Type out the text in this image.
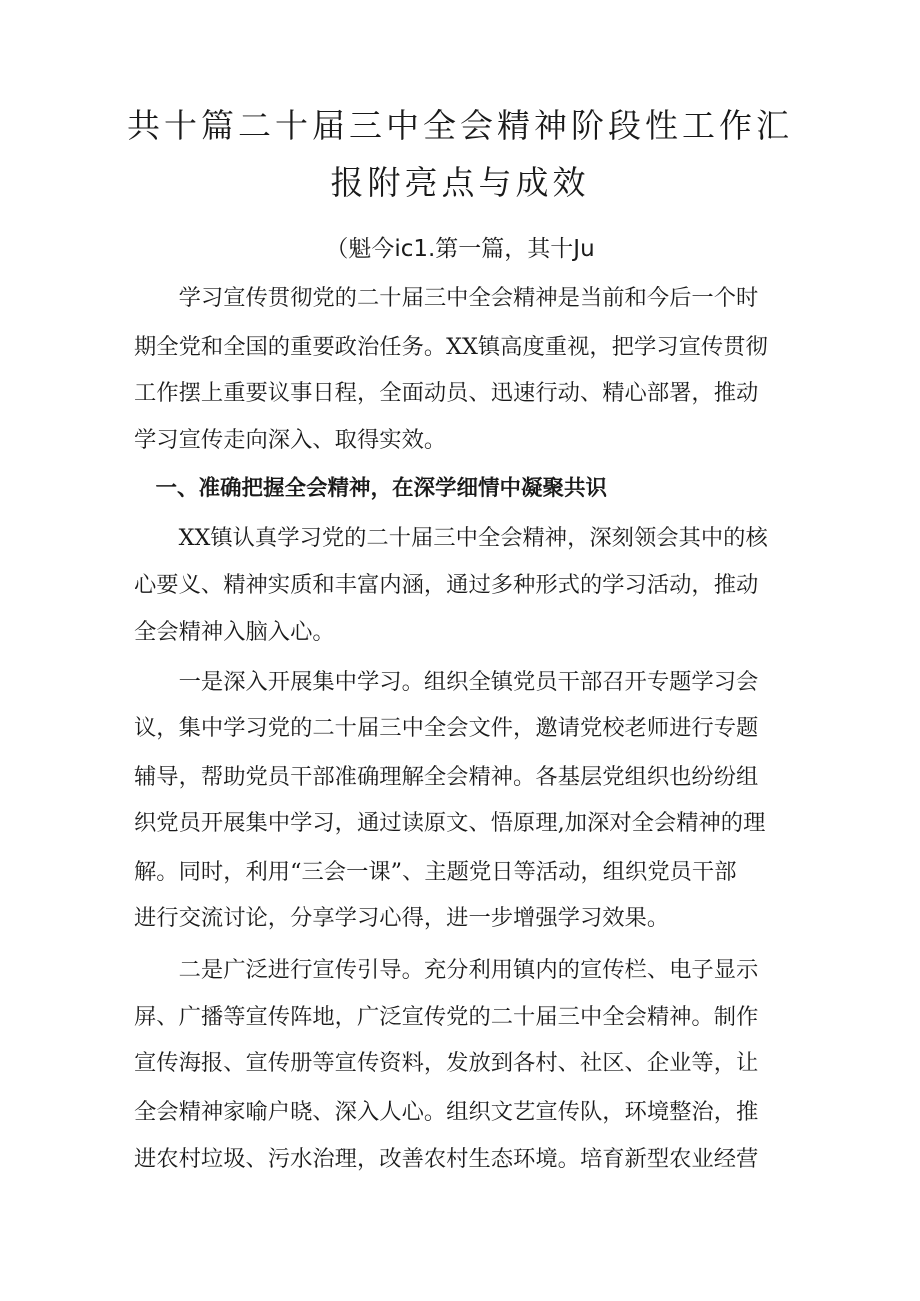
共十篇二十届三中全会精神阶段性工作汇
报附亮点与成效
（魁今ic1.第一篇，其十Ju
　　学习宣传贯彻党的二十届三中全会精神是当前和今后一个时
期全党和全国的重要政治任务。XX镇高度重视，把学习宣传贯彻
工作摆上重要议事日程，全面动员、迅速行动、精心部署，推动
学习宣传走向深入、取得实效。
　一、准确把握全会精神，在深学细情中凝聚共识
　　XX镇认真学习党的二十届三中全会精神，深刻领会其中的核
心要义、精神实质和丰富内涵，通过多种形式的学习活动，推动
全会精神入脑入心。
　　一是深入开展集中学习。组织全镇党员干部召开专题学习会
议，集中学习党的二十届三中全会文件，邀请党校老师进行专题
辅导，帮助党员干部准确理解全会精神。各基层党组织也纷纷组
织党员开展集中学习，通过读原文、悟原理,加深对全会精神的理
解。同时，利用“三会一课”、主题党日等活动，组织党员干部
进行交流讨论，分享学习心得，进一步增强学习效果。
　　二是广泛进行宣传引导。充分利用镇内的宣传栏、电子显示
屏、广播等宣传阵地，广泛宣传党的二十届三中全会精神。制作
宣传海报、宣传册等宣传资料，发放到各村、社区、企业等，让
全会精神家喻户晓、深入人心。组织文艺宣传队，环境整治，推
进农村垃圾、污水治理，改善农村生态环境。培育新型农业经营
